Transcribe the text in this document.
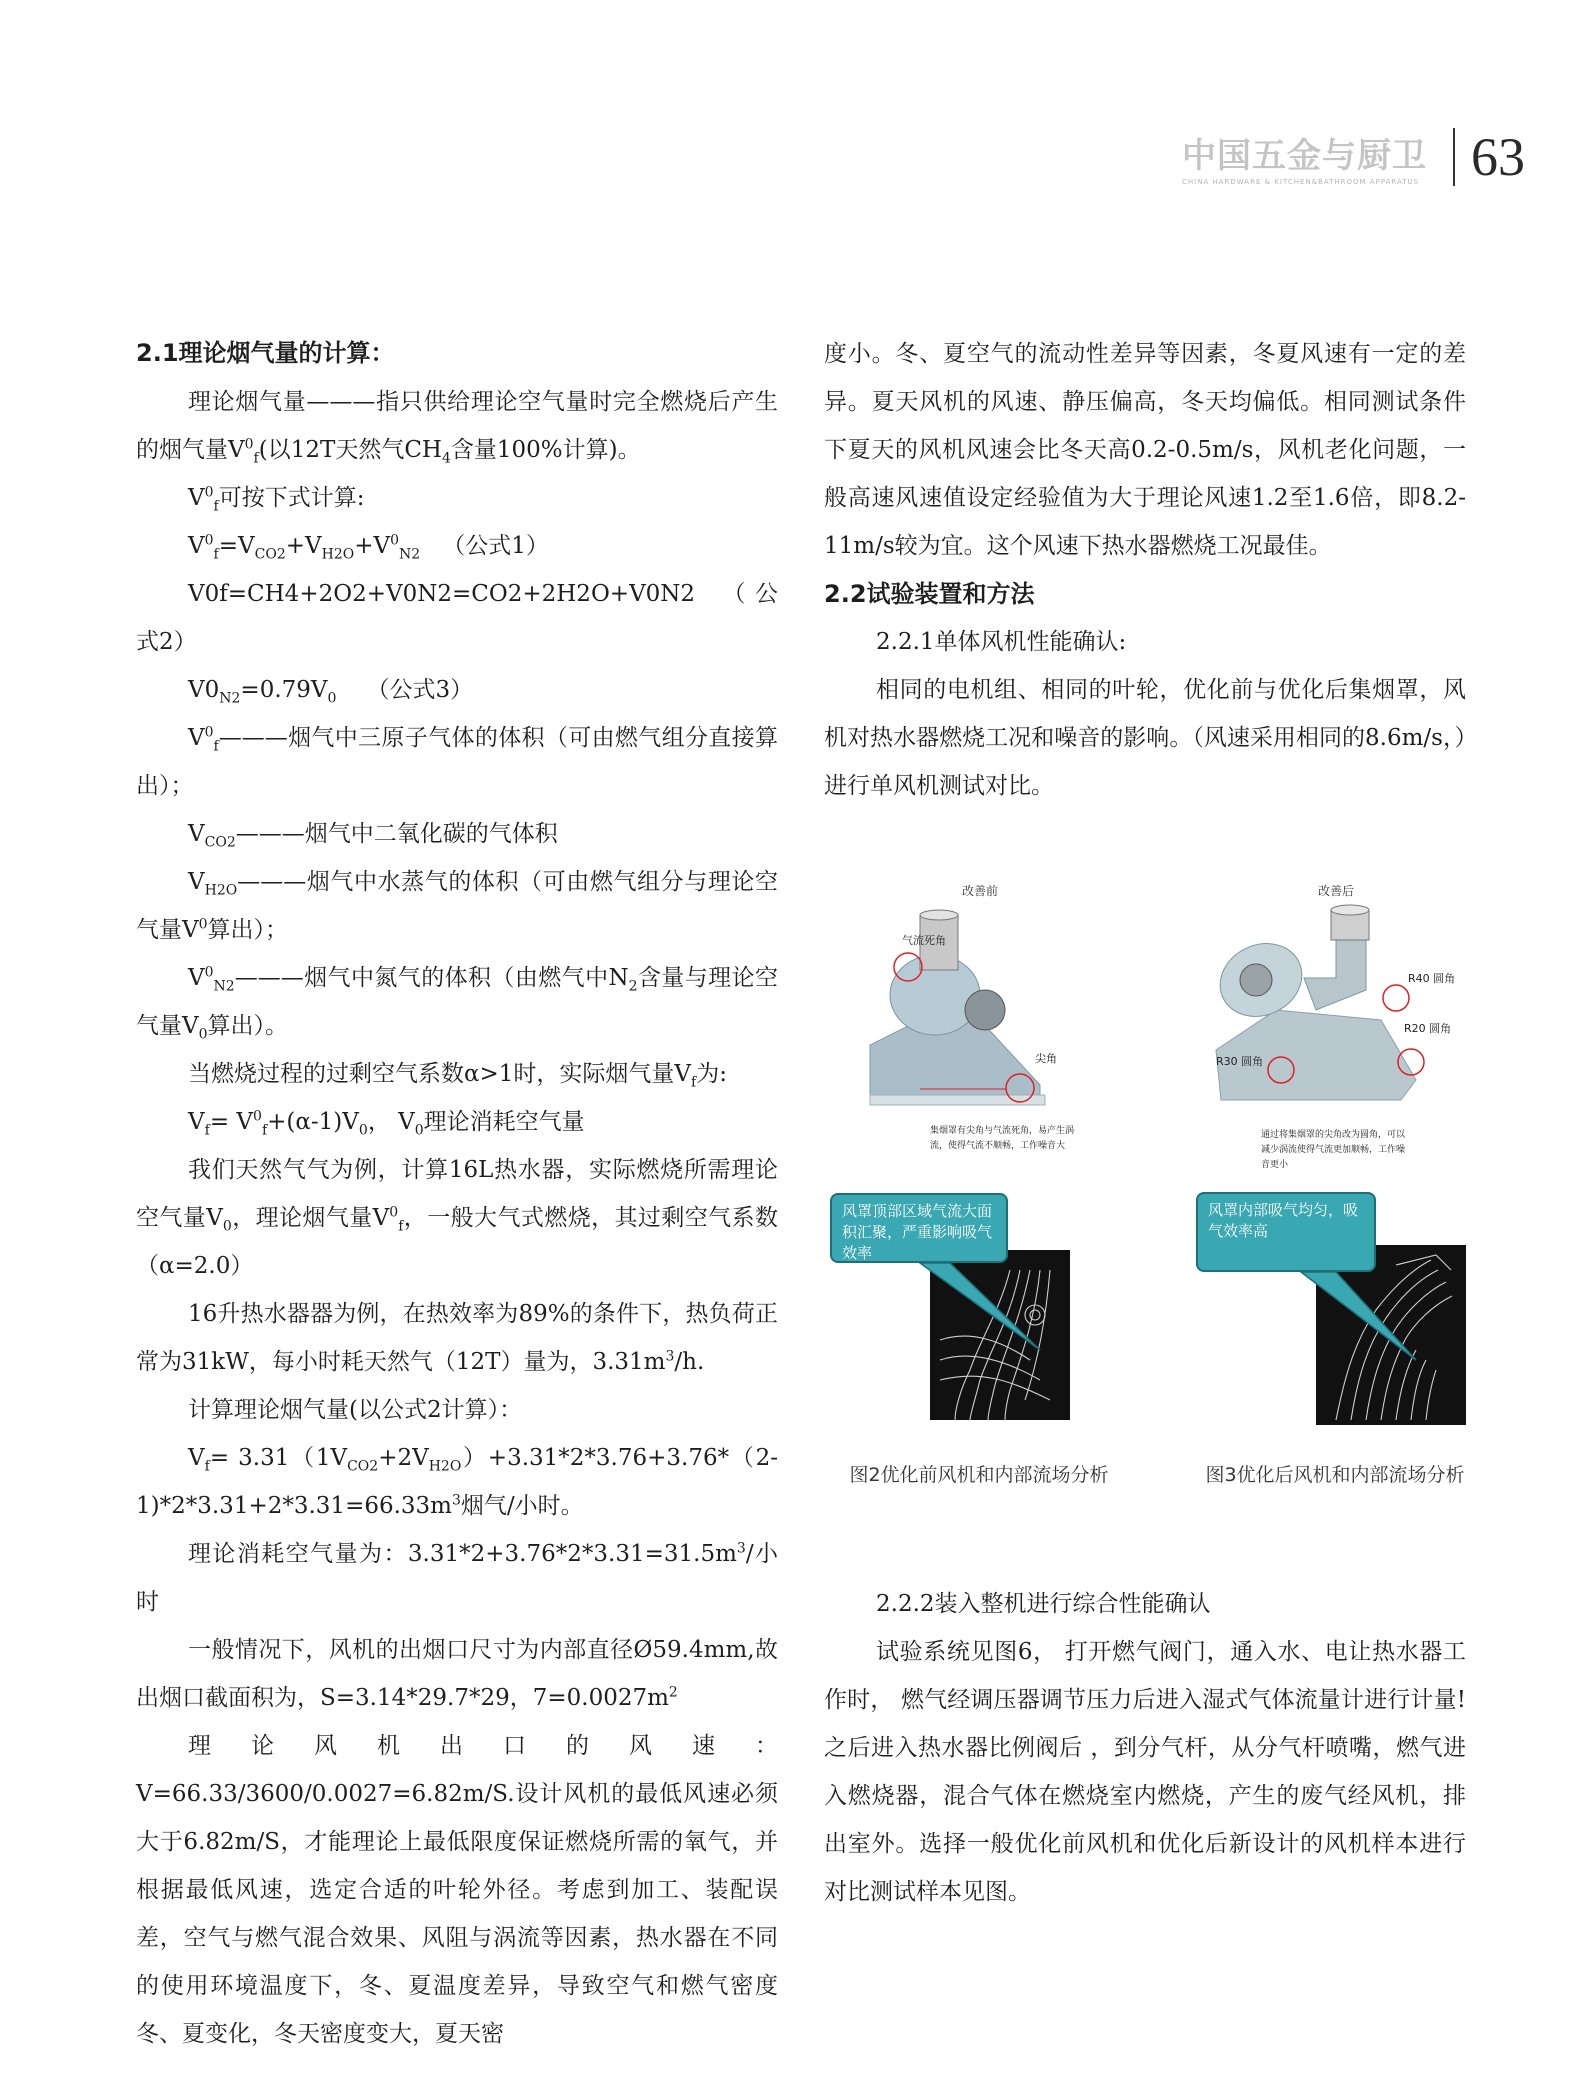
中国五金与厨卫
CHINA HARDWARE & KITCHEN&BATHROOM APPARATUS 63

2.1理论烟气量的计算：

理论烟气量———指只供给理论空气量时完全燃烧后产生的烟气量$V^0_f$(以12T天然气$CH_4$含量100%计算)。

$V^0_f$可按下式计算:

$V^0_f=V_{CO2}+V_{H2O}+V^0_{N2}$ （公式1）

V0f=CH4+2O2+V0N2=CO2+2H2O+V0N2 （公式2）

$V0_{N2}=0.79V_0$ （公式3）

$V^0_f———$烟气中三原子气体的体积（可由燃气组分直接算出）；

$V_{CO2}———$烟气中二氧化碳的气体积

$V_{H2O}———$烟气中水蒸气的体积（可由燃气组分与理论空气量$V^0$算出）；

$V^0_{N2}———$烟气中氮气的体积（由燃气中$N_2$含量与理论空气量$V_0$算出）。

当燃烧过程的过剩空气系数α>1时，实际烟气量$V_f$为:

$V_f= V^0_f+(\alpha-1)V_0$， $V_0$理论消耗空气量

我们天然气气为例，计算16L热水器，实际燃烧所需理论空气量$V_0$，理论烟气量$V^0_f$，一般大气式燃烧，其过剩空气系数（α=2.0）

16升热水器器为例，在热效率为89%的条件下，热负荷正常为31kW，每小时耗天然气（12T）量为，$3.31m^3/h$.

计算理论烟气量(以公式2计算）：

$V_f= 3.31(1V_{CO2}+2V_{H2O})+3.31*2*3.76+3.76*(2-1)*2*3.31+2*3.31=66.33m^3$烟气/小时。

理论消耗空气量为：$3.31*2+3.76*2*3.31=31.5m^3/$小时

一般情况下，风机的出烟口尺寸为内部直径Ø59.4mm,故出烟口截面积为，S=3.14*29.7*29，$7=0.0027m^2$

理论风机出口的风速：V=66.33/3600/0.0027=6.82m/S.设计风机的最低风速必须大于6.82m/S，才能理论上最低限度保证燃烧所需的氧气，并根据最低风速，选定合适的叶轮外径。考虑到加工、装配误差，空气与燃气混合效果、风阻与涡流等因素，热水器在不同的使用环境温度下，冬、夏温度差异，导致空气和燃气密度冬、夏变化，冬天密度变大，夏天密

度小。冬、夏空气的流动性差异等因素，冬夏风速有一定的差异。夏天风机的风速、静压偏高，冬天均偏低。相同测试条件下夏天的风机风速会比冬天高0.2-0.5m/s，风机老化问题，一般高速风速值设定经验值为大于理论风速1.2至1.6倍，即8.2-11m/s较为宜。这个风速下热水器燃烧工况最佳。

2.2试验装置和方法

2.2.1单体风机性能确认:

相同的电机组、相同的叶轮，优化前与优化后集烟罩，风机对热水器燃烧工况和噪音的影响。（风速采用相同的8.6m/s，）进行单风机测试对比。

改善前
气流死角
尖角
集烟罩有尖角与气流死角，易产生涡流，使得气流不顺畅，工作噪音大
风罩顶部区域气流大面积汇聚，严重影响吸气效率
改善后
R40 圆角
R20 圆角
R30 圆角
通过将集烟罩的尖角改为圆角，可以减少涡流使得气流更加顺畅，工作噪音更小
风罩内部吸气均匀，吸气效率高
图2优化前风机和内部流场分析	图3优化后风机和内部流场分析

2.2.2装入整机进行综合性能确认

试验系统见图6， 打开燃气阀门，通入水、电让热水器工作时， 燃气经调压器调节压力后进入湿式气体流量计进行计量! 之后进入热水器比例阀后 ，到分气杆，从分气杆喷嘴，燃气进入燃烧器，混合气体在燃烧室内燃烧，产生的废气经风机，排出室外。选择一般优化前风机和优化后新设计的风机样本进行对比测试样本见图。
